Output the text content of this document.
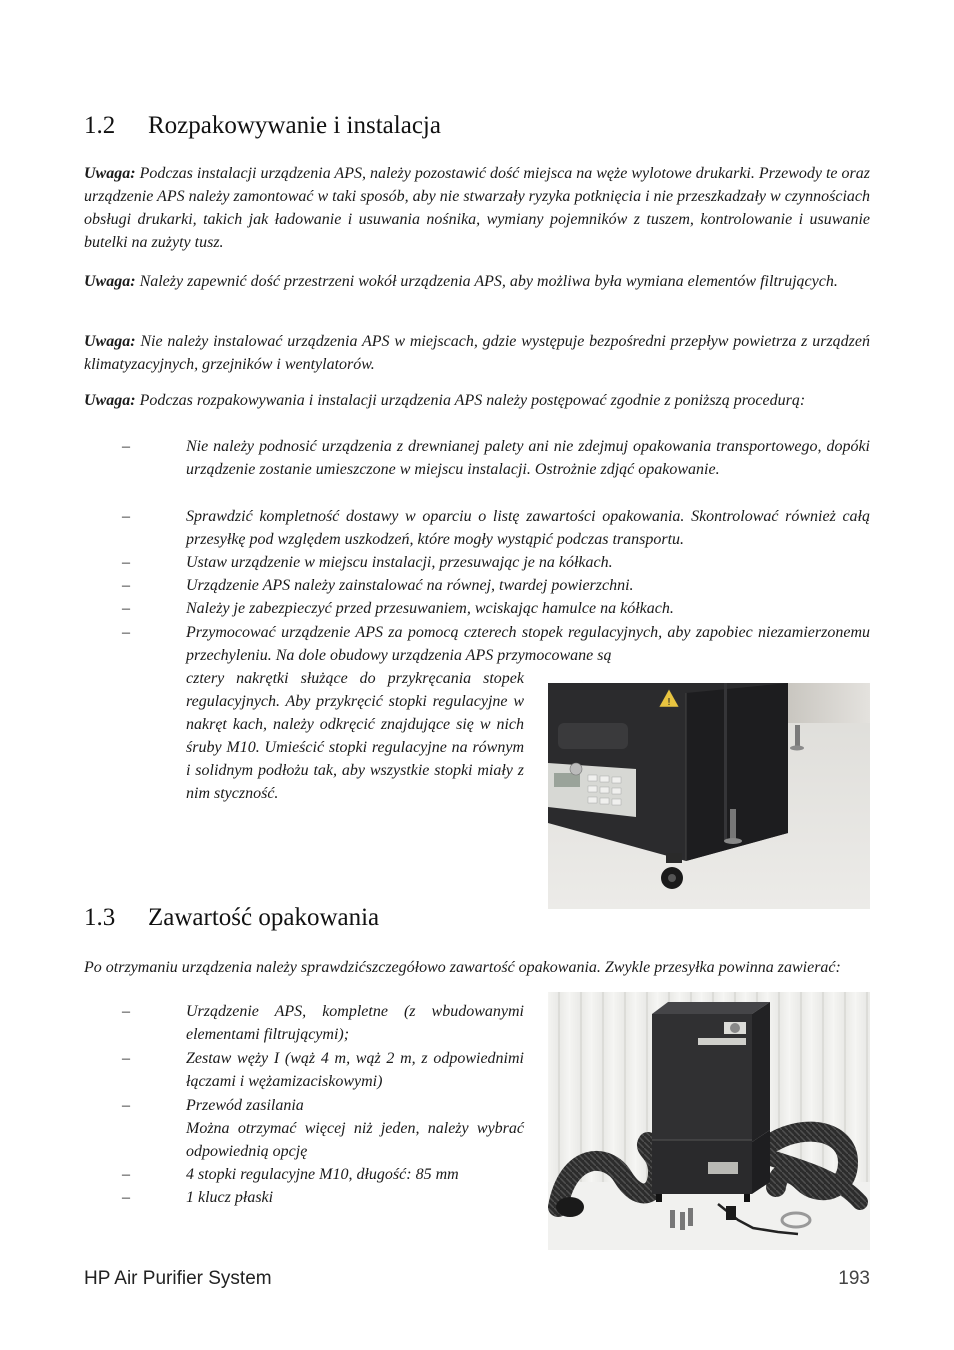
1.2 Rozpakowywanie i instalacja

Uwaga: Podczas instalacji urządzenia APS, należy pozostawić dość miejsca na węże wylotowe drukarki. Przewody te oraz urządzenie APS należy zamontować w taki sposób, aby nie stwarzały ryzyka potknięcia i nie przeszkadzały w czynnościach obsługi drukarki, takich jak ładowanie i usuwania nośnika, wymiany pojemników z tuszem, kontrolowanie i usuwanie butelki na zużyty tusz.

Uwaga: Należy zapewnić dość przestrzeni wokół urządzenia APS, aby możliwa była wymiana elementów filtrujących.

Uwaga: Nie należy instalować urządzenia APS w miejscach, gdzie występuje bezpośredni przepływ powietrza z urządzeń klimatyzacyjnych, grzejników i wentylatorów.

Uwaga: Podczas rozpakowywania i instalacji urządzenia APS należy postępować zgodnie z poniższą procedurą:

–	Nie należy podnosić urządzenia z drewnianej palety ani nie zdejmuj opakowania transportowego, dopóki urządzenie zostanie umieszczone w miejscu instalacji. Ostrożnie zdjąć opakowanie.
–	Sprawdzić kompletność dostawy w oparciu o listę zawartości opakowania. Skontrolować również całą przesyłkę pod względem uszkodzeń, które mogły wystąpić podczas transportu.
–	Ustaw urządzenie w miejscu instalacji, przesuwając je na kółkach.
–	Urządzenie APS należy zainstalować na równej, twardej powierzchni.
–	Należy je zabezpieczyć przed przesuwaniem, wciskając hamulce na kółkach.
–	Przymocować urządzenie APS za pomocą czterech stopek regulacyjnych, aby zapobiec niezamierzonemu przechyleniu. Na dole obudowy urządzenia APS przymocowane są
cztery nakrętki służące do przykręcania stopek regulacyjnych. Aby przykręcić stopki regulacyjne w nakręt kach, należy odkręcić znajdujące się w nich śruby M10. Umieścić stopki regulacyjne na równym i solidnym podłożu tak, aby wszystkie stopki miały z nim styczność.
!
1.3 Zawartość opakowania

Po otrzymaniu urządzenia należy sprawdzićszczegółowo zawartość opakowania. Zwykle przesyłka powinna zawierać:

–	Urządzenie APS, kompletne (z wbudowanymi elementami filtrującymi);
–	Zestaw węży I (wąż 4 m, wąż 2 m, z odpowiednimi łączami i wężamizaciskowymi)
–	Przewód zasilania
Można otrzymać więcej niż jeden, należy wybrać odpowiednią opcję
–	4 stopki regulacyjne M10, długość: 85 mm
–	1 klucz płaski
HP Air Purifier System	193
